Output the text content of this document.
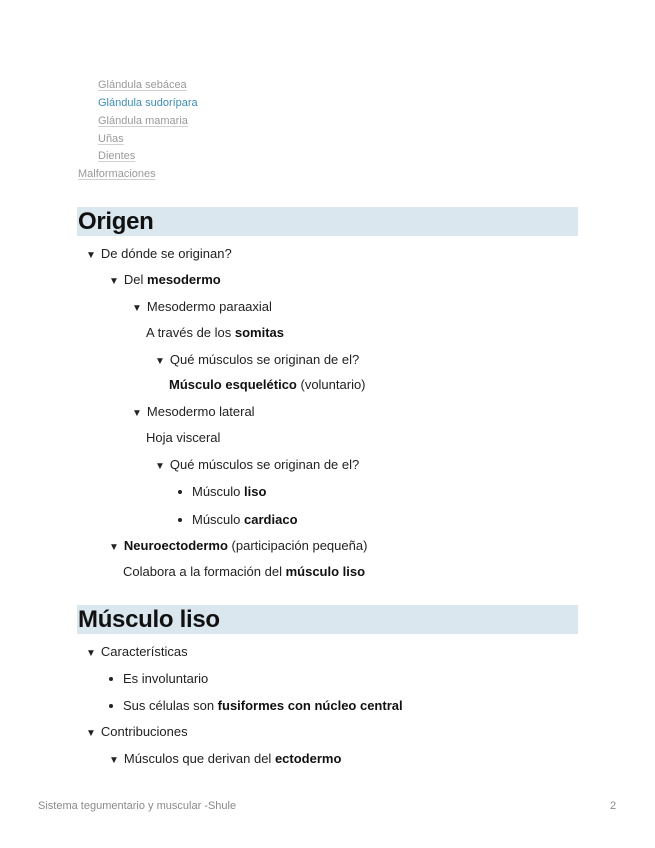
Glándula sebácea
Glándula sudorípara
Glándula mamaria
Uñas
Dientes
Malformaciones
Origen
▼ De dónde se originan?
▼ Del mesodermo
▼ Mesodermo paraaxial
A través de los somitas
▼ Qué músculos se originan de el?
Músculo esquelético (voluntario)
▼ Mesodermo lateral
Hoja visceral
▼ Qué músculos se originan de el?
Músculo liso
Músculo cardiaco
▼ Neuroectodermo (participación pequeña)
Colabora a la formación del músculo liso
Músculo liso
▼ Características
Es involuntario
Sus células son fusiformes con núcleo central
▼ Contribuciones
▼ Músculos que derivan del ectodermo
Sistema tegumentario y muscular -Shule	2
